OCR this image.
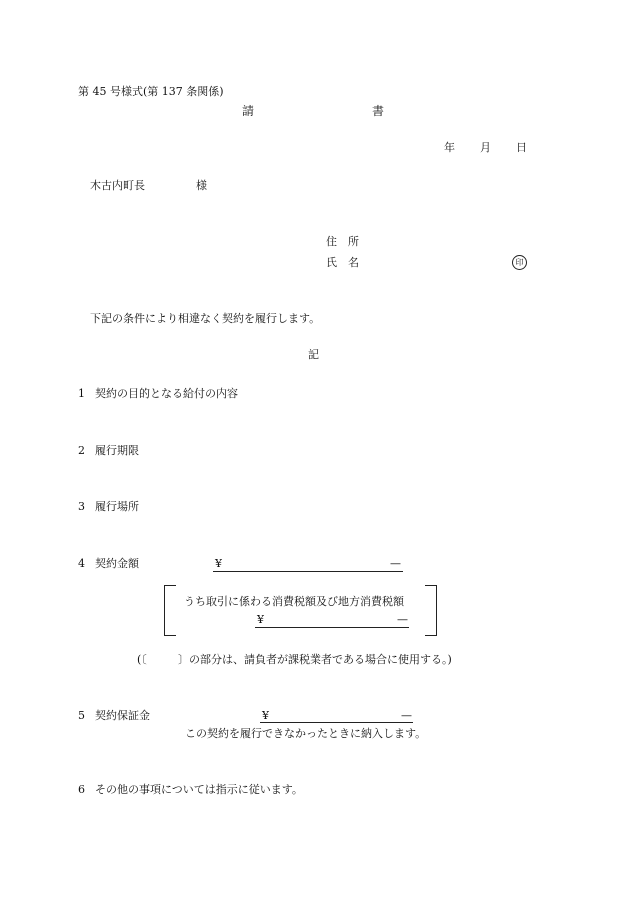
第 45 号様式(第 137 条関係)
請	書
年 月 日
木古内町長	様
住　所
氏　名	印
下記の条件により相違なく契約を履行します。
記
1 契約の目的となる給付の内容
2 履行期限
3 履行場所
4 契約金額	¥	—
うち取引に係わる消費税額及び地方消費税額
¥	—
(〔	〕の部分は、請負者が課税業者である場合に使用する。)
5 契約保証金	¥	—
この契約を履行できなかったときに納入します。
6 その他の事項については指示に従います。
